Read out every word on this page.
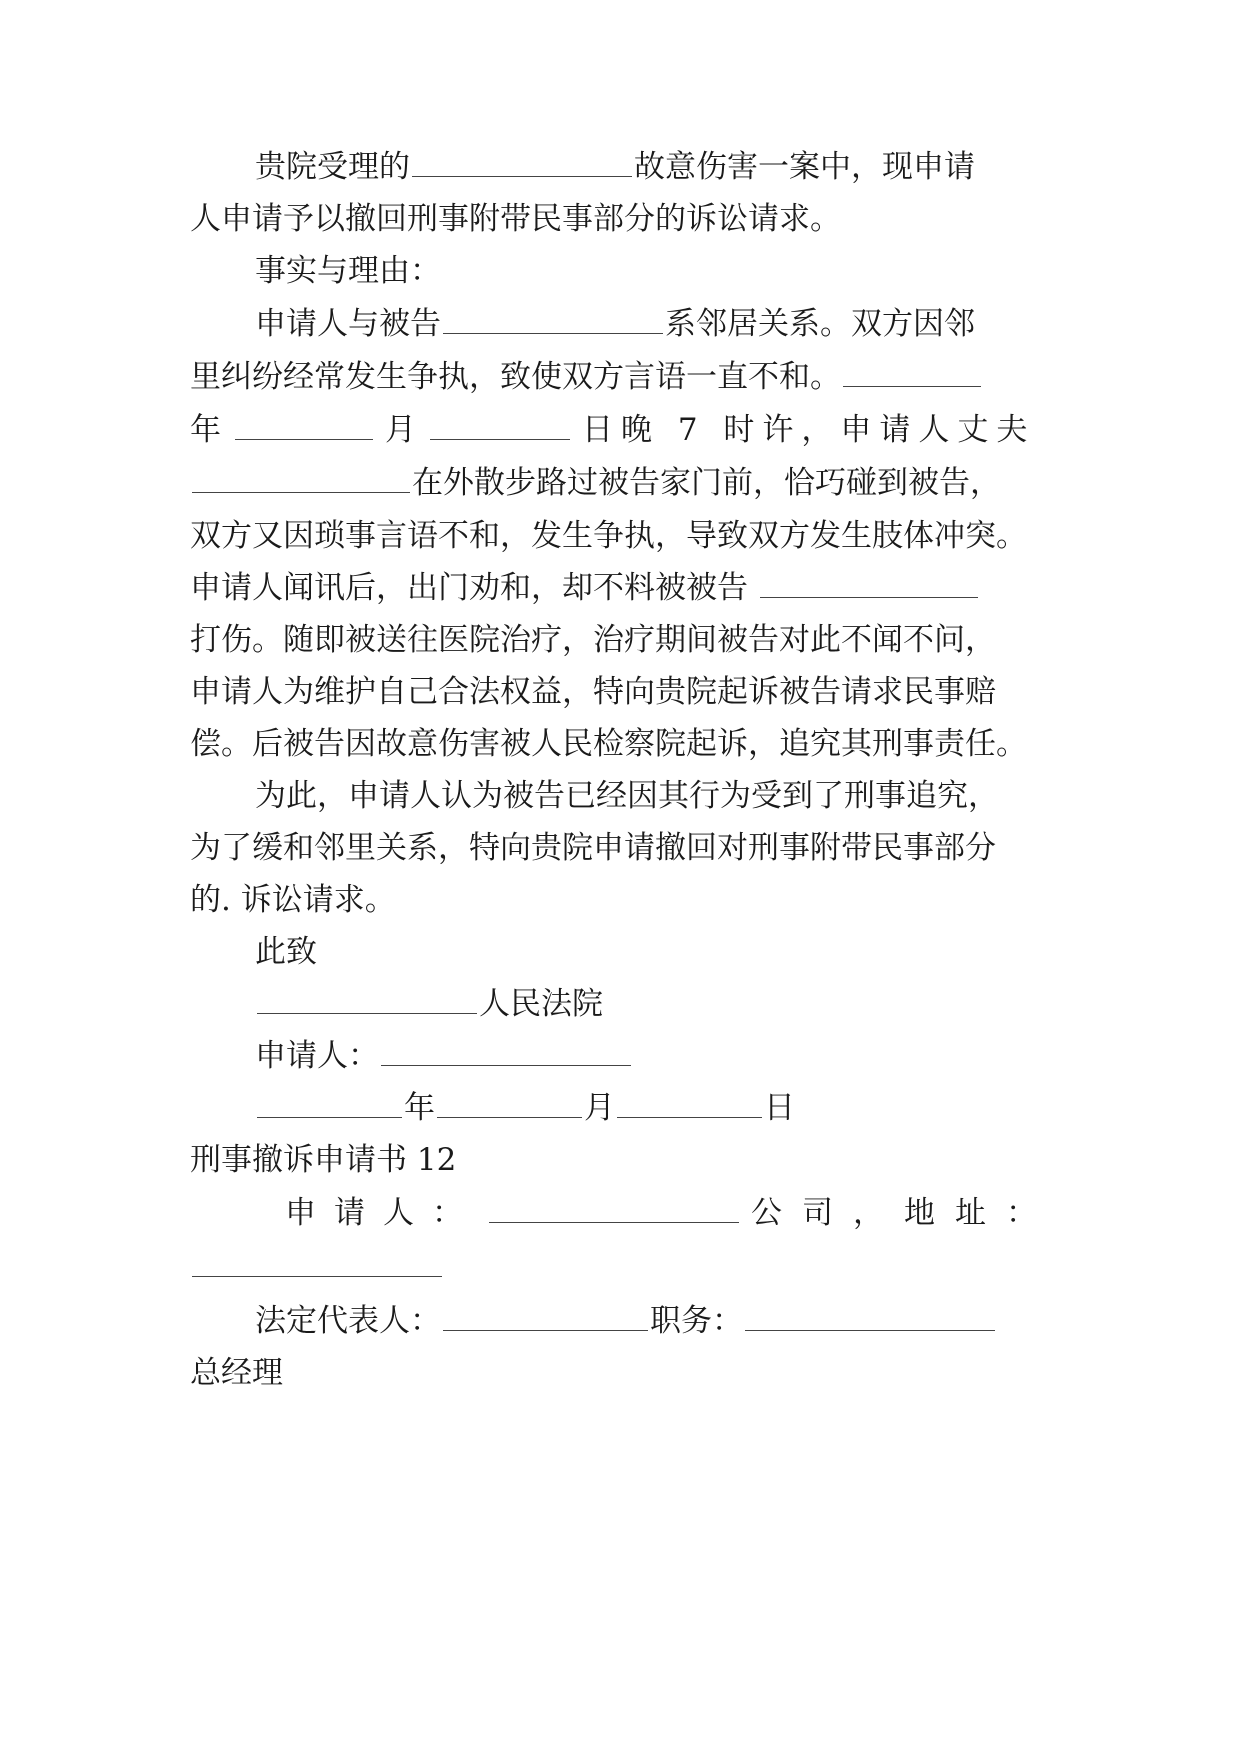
贵院受理的	故意伤害一案中，现申请
人申请予以撤回刑事附带民事部分的诉讼请求。
事实与理由：
申请人与被告	系邻居关系。双方因邻
里纠纷经常发生争执，致使双方言语一直不和。
年	月	日晚 7 时许，申请人丈夫
在外散步路过被告家门前，恰巧碰到被告，
双方又因琐事言语不和，发生争执，导致双方发生肢体冲突。
申请人闻讯后，出门劝和，却不料被被告
打伤。随即被送往医院治疗，治疗期间被告对此不闻不问，
申请人为维护自己合法权益，特向贵院起诉被告请求民事赔
偿。后被告因故意伤害被人民检察院起诉，追究其刑事责任。
为此，申请人认为被告已经因其行为受到了刑事追究，
为了缓和邻里关系，特向贵院申请撤回对刑事附带民事部分
的. 诉讼请求。
此致
人民法院
申请人：
年	月	日
刑事撤诉申请书 12
申请人：	公司，地址：
法定代表人：	职务：
总经理
